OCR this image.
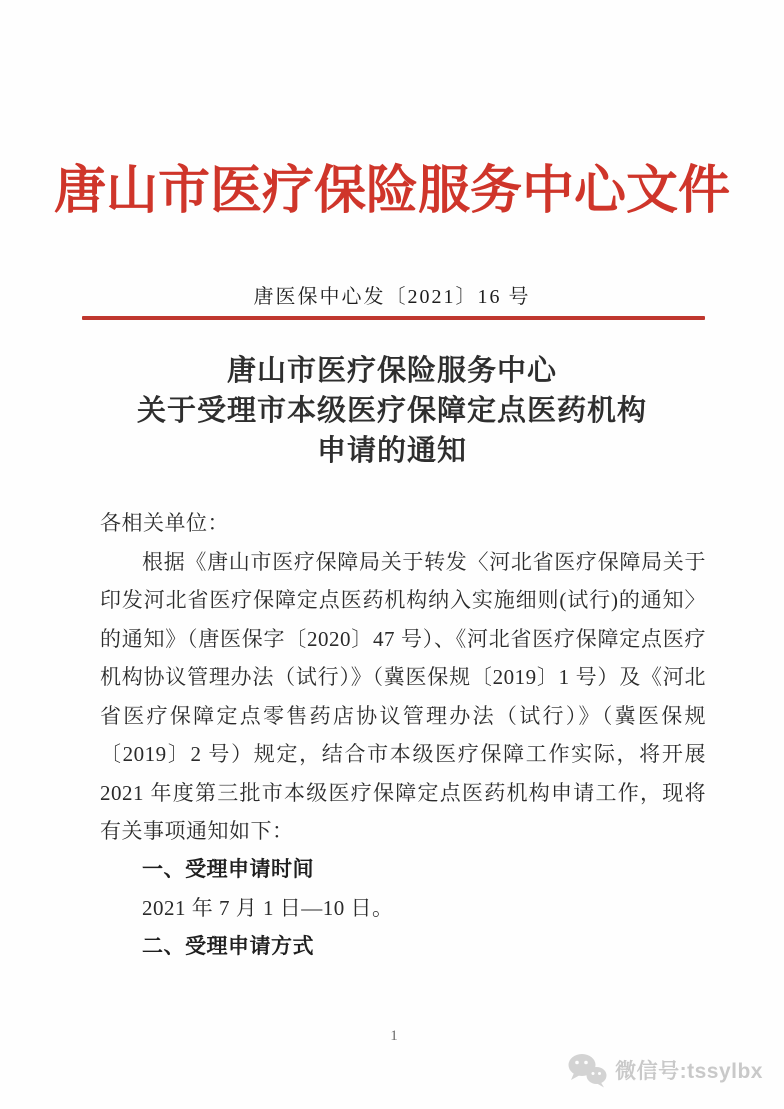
唐山市医疗保险服务中心文件
唐医保中心发〔2021〕16 号
唐山市医疗保险服务中心
关于受理市本级医疗保障定点医药机构
申请的通知
各相关单位：

根据《唐山市医疗保障局关于转发〈河北省医疗保障局关于印发河北省医疗保障定点医药机构纳入实施细则(试行)的通知〉的通知》（唐医保字〔2020〕47 号）、《河北省医疗保障定点医疗机构协议管理办法（试行）》（冀医保规〔2019〕1 号）及《河北省医疗保障定点零售药店协议管理办法（试行）》（冀医保规〔2019〕2 号）规定，结合市本级医疗保障工作实际，将开展 2021 年度第三批市本级医疗保障定点医药机构申请工作，现将有关事项通知如下：

一、受理申请时间
2021 年 7 月 1 日—10 日。
二、受理申请方式
1
微信号:tssylbx
